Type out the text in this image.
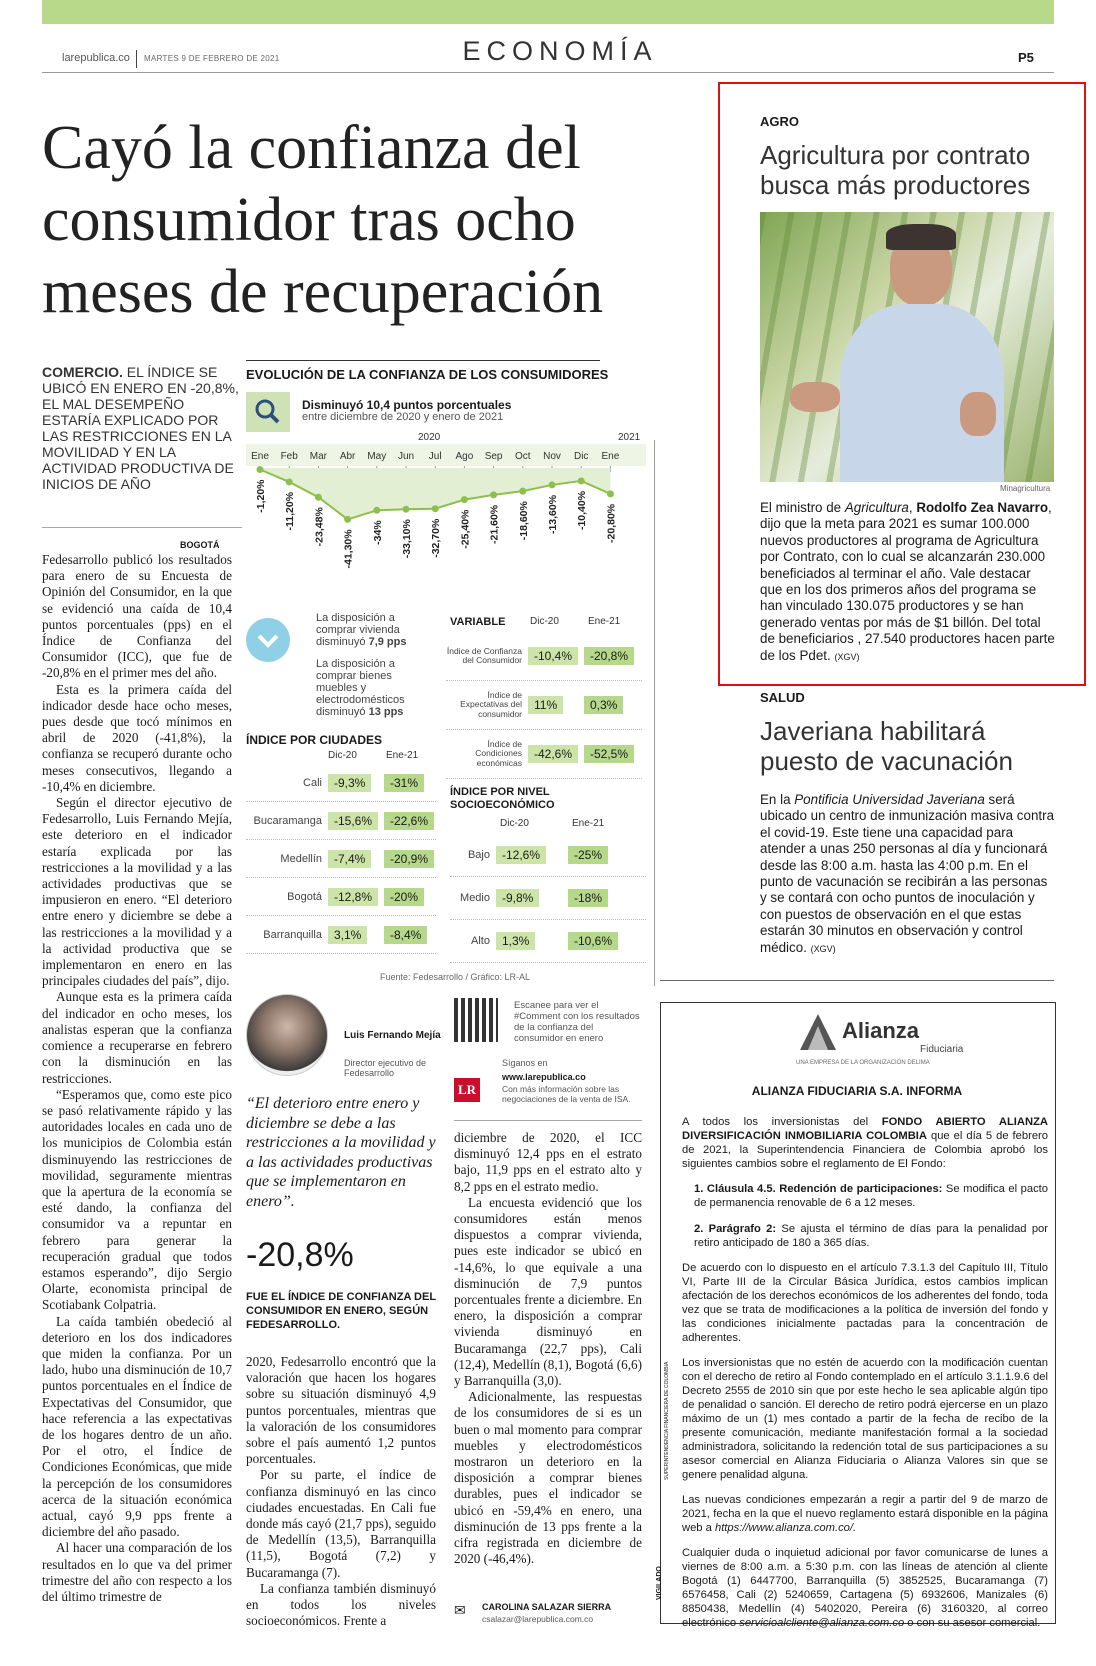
larepublica.co MARTES 9 DE FEBRERO DE 2021	ECONOMÍA	P5
Cayó la confianza del consumidor tras ocho meses de recuperación
COMERCIO. EL ÍNDICE SE UBICÓ EN ENERO EN -20,8%, EL MAL DESEMPEÑO ESTARÍA EXPLICADO POR LAS RESTRICCIONES EN LA MOVILIDAD Y EN LA ACTIVIDAD PRODUCTIVA DE INICIOS DE AÑO
BOGOTÁ

Fedesarrollo publicó los resultados para enero de su Encuesta de Opinión del Consumidor, en la que se evidenció una caída de 10,4 puntos porcentuales (pps) en el Índice de Confianza del Consumidor (ICC), que fue de -20,8% en el primer mes del año.

Esta es la primera caída del indicador desde hace ocho meses, pues desde que tocó mínimos en abril de 2020 (-41,8%), la confianza se recuperó durante ocho meses consecutivos, llegando a -10,4% en diciembre.

Según el director ejecutivo de Fedesarrollo, Luis Fernando Mejía, este deterioro en el indicador estaría explicada por las restricciones a la movilidad y a las actividades productivas que se impusieron en enero. “El deterioro entre enero y diciembre se debe a las restricciones a la movilidad y a la actividad productiva que se implementaron en enero en las principales ciudades del país”, dijo.

Aunque esta es la primera caída del indicador en ocho meses, los analistas esperan que la confianza comience a recuperarse en febrero con la disminución en las restricciones.

“Esperamos que, como este pico se pasó relativamente rápido y las autoridades locales en cada uno de los municipios de Colombia están disminuyendo las restricciones de movilidad, seguramente mientras que la apertura de la economía se esté dando, la confianza del consumidor va a repuntar en febrero para generar la recuperación gradual que todos estamos esperando”, dijo Sergio Olarte, economista principal de Scotiabank Colpatria.

La caída también obedeció al deterioro en los dos indicadores que miden la confianza. Por un lado, hubo una disminución de 10,7 puntos porcentuales en el Índice de Expectativas del Consumidor, que hace referencia a las expectativas de los hogares dentro de un año. Por el otro, el Índice de Condiciones Económicas, que mide la percepción de los consumidores acerca de la situación económica actual, cayó 9,9 pps frente a diciembre del año pasado.

Al hacer una comparación de los resultados en lo que va del primer trimestre del año con respecto a los del último trimestre de

EVOLUCIÓN DE LA CONFIANZA DE LOS CONSUMIDORES
Disminuyó 10,4 puntos porcentuales
entre diciembre de 2020 y enero de 2021
2020	2021
Ene Feb Mar Abr May Jun Jul Ago Sep Oct Nov Dic Ene
-1,20% -11,20% -23,48%
-41,30% -34% -33,10% -32,70% -25,40% -21,60% -18,60% -13,60% -10,40% -20,80%
La disposición a comprar vivienda disminuyó 7,9 pps
La disposición a comprar bienes muebles y electrodomésticos disminuyó 13 pps
ÍNDICE POR CIUDADES
Dic-20	Ene-21
Cali	-9,3%	-31%
Bucaramanga	-15,6%	-22,6%
Medellín	-7,4%	-20,9%
Bogotá	-12,8%	-20%
Barranquilla	3,1%	-8,4%
VARIABLE Dic-20	Ene-21
Índice de Confianza del Consumidor	-10,4%	-20,8%
Índice de Expectativas del consumidor
11%	0,3%
Índice de Condiciones económicas
-42,6%	-52,5%
ÍNDICE POR NIVEL SOCIOECONÓMICO
Dic-20	Ene-21
Bajo	-12,6%	-25%
Medio	-9,8%	-18%
Alto	1,3%	-10,6%
Fuente: Fedesarrollo / Gráfico: LR-AL
Luis Fernando Mejía
Director ejecutivo de Fedesarrollo
“El deterioro entre enero y diciembre se debe a las restricciones a la movilidad y a las actividades productivas que se implementaron en enero”.
-20,8%
FUE EL ÍNDICE DE CONFIANZA DEL CONSUMIDOR EN ENERO, SEGÚN FEDESARROLLO.

2020, Fedesarrollo encontró que la valoración que hacen los hogares sobre su situación disminuyó 4,9 puntos porcentuales, mientras que la valoración de los consumidores sobre el país aumentó 1,2 puntos porcentuales.

Por su parte, el índice de confianza disminuyó en las cinco ciudades encuestadas. En Cali fue donde más cayó (21,7 pps), seguido de Medellín (13,5), Barranquilla (11,5), Bogotá (7,2) y Bucaramanga (7).

La confianza también disminuyó en todos los niveles socioeconómicos. Frente a

Escanee para ver el #Comment con los resultados de la confianza del consumidor en enero
Síganos en
LR
www.larepublica.co
Con más información sobre las negociaciones de la venta de ISA.

diciembre de 2020, el ICC disminuyó 12,4 pps en el estrato bajo, 11,9 pps en el estrato alto y 8,2 pps en el estrato medio.

La encuesta evidenció que los consumidores están menos dispuestos a comprar vivienda, pues este indicador se ubicó en -14,6%, lo que equivale a una disminución de 7,9 puntos porcentuales frente a diciembre. En enero, la disposición a comprar vivienda disminuyó en Bucaramanga (22,7 pps), Cali (12,4), Medellín (8,1), Bogotá (6,6) y Barranquilla (3,0).

Adicionalmente, las respuestas de los consumidores de si es un buen o mal momento para comprar muebles y electrodomésticos mostraron un deterioro en la disposición a comprar bienes durables, pues el indicador se ubicó en -59,4% en enero, una disminución de 13 pps frente a la cifra registrada en diciembre de 2020 (-46,4%).

✉ CAROLINA SALAZAR SIERRA
csalazar@larepublica.com.co
AGRO
Agricultura por contrato busca más productores
Minagricultura
El ministro de Agricultura, Rodolfo Zea Navarro, dijo que la meta para 2021 es sumar 100.000 nuevos productores al programa de Agricultura por Contrato, con lo cual se alcanzarán 230.000 beneficiados al terminar el año. Vale destacar que en los dos primeros años del programa se han vinculado 130.075 productores y se han generado ventas por más de $1 billón. Del total de beneficiarios , 27.540 productores hacen parte de los Pdet. (XGV)
SALUD
Javeriana habilitará puesto de vacunación
En la Pontificia Universidad Javeriana será ubicado un centro de inmunización masiva contra el covid-19. Este tiene una capacidad para atender a unas 250 personas al día y funcionará desde las 8:00 a.m. hasta las 4:00 p.m. En el punto de vacunación se recibirán a las personas y se contará con ocho puntos de inoculación y con puestos de observación en el que estas estarán 30 minutos en observación y control médico. (XGV)
Alianza
Fiduciaria
UNA EMPRESA DE LA ORGANIZACIÓN DELIMA
ALIANZA FIDUCIARIA S.A. INFORMA

A todos los inversionistas del FONDO ABIERTO ALIANZA DIVERSIFICACIÓN INMOBILIARIA COLOMBIA que el día 5 de febrero de 2021, la Superintendencia Financiera de Colombia aprobó los siguientes cambios sobre el reglamento de El Fondo:

1. Cláusula 4.5. Redención de participaciones: Se modifica el pacto de permanencia renovable de 6 a 12 meses.

2. Parágrafo 2: Se ajusta el término de días para la penalidad por retiro anticipado de 180 a 365 días.

De acuerdo con lo dispuesto en el artículo 7.3.1.3 del Capítulo III, Título VI, Parte III de la Circular Básica Jurídica, estos cambios implican afectación de los derechos económicos de los adherentes del fondo, toda vez que se trata de modificaciones a la política de inversión del fondo y las condiciones inicialmente pactadas para la concentración de adherentes.

Los inversionistas que no estén de acuerdo con la modificación cuentan con el derecho de retiro al Fondo contemplado en el artículo 3.1.1.9.6 del Decreto 2555 de 2010 sin que por este hecho le sea aplicable algún tipo de penalidad o sanción. El derecho de retiro podrá ejercerse en un plazo máximo de un (1) mes contado a partir de la fecha de recibo de la presente comunicación, mediante manifestación formal a la sociedad administradora, solicitando la redención total de sus participaciones a su asesor comercial en Alianza Fiduciaria o Alianza Valores sin que se genere penalidad alguna.

Las nuevas condiciones empezarán a regir a partir del 9 de marzo de 2021, fecha en la que el nuevo reglamento estará disponible en la página web a https://www.alianza.com.co/.

Cualquier duda o inquietud adicional por favor comunicarse de lunes a viernes de 8:00 a.m. a 5:30 p.m. con las líneas de atención al cliente Bogotá (1) 6447700, Barranquilla (5) 3852525, Bucaramanga (7) 6576458, Cali (2) 5240659, Cartagena (5) 6932606, Manizales (6) 8850438, Medellín (4) 5402020, Pereira (6) 3160320, al correo electrónico servicioalcliente@alianza.com.co o con su asesor comercial.

VIGILADO
SUPERINTENDENCIA FINANCIERA DE COLOMBIA
